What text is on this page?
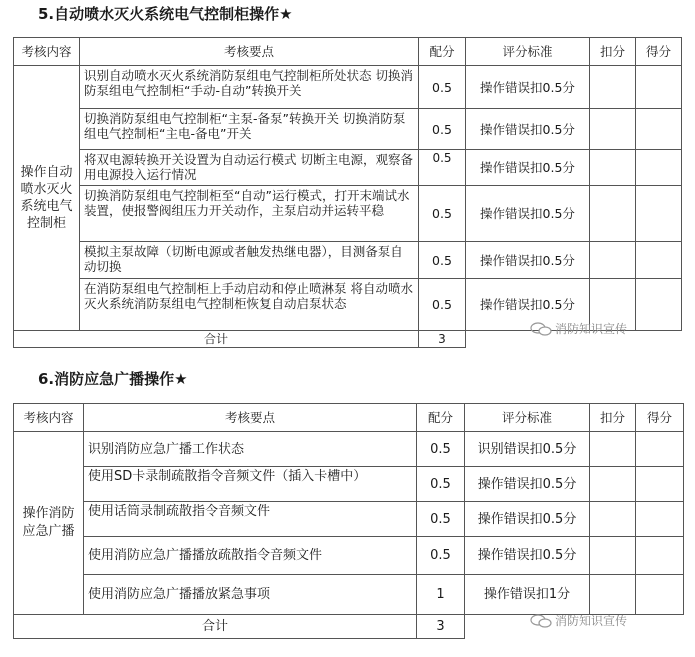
5.自动喷水灭火系统电气控制柜操作★
考核内容	考核要点	配分	评分标准	扣分	得分
操作自动喷水灭火系统电气控制柜	识别自动喷水灭火系统消防泵组电气控制柜所处状态 切换消防泵组电气控制柜“手动-自动”转换开关	0.5	操作错误扣0.5分		
	切换消防泵组电气控制柜“主泵-备泵”转换开关 切换消防泵组电气控制柜“主电-备电”开关	0.5	操作错误扣0.5分		
	将双电源转换开关设置为自动运行模式 切断主电源，观察备用电源投入运行情况	0.5	操作错误扣0.5分		
	切换消防泵组电气控制柜至“自动”运行模式，打开末端试水装置，使报警阀组压力开关动作，主泵启动并运转平稳	0.5	操作错误扣0.5分		
	模拟主泵故障（切断电源或者触发热继电器），目测备泵自动切换	0.5	操作错误扣0.5分		
	在消防泵组电气控制柜上手动启动和停止喷淋泵 将自动喷水灭火系统消防泵组电气控制柜恢复自动启泵状态	0.5	操作错误扣0.5分		
合计		3			
消防知识宣传
6.消防应急广播操作★
考核内容	考核要点	配分	评分标准	扣分	得分
操作消防应急广播	识别消防应急广播工作状态	0.5	识别错误扣0.5分		
	使用SD卡录制疏散指令音频文件（插入卡槽中）	0.5	操作错误扣0.5分		
	使用话筒录制疏散指令音频文件	0.5	操作错误扣0.5分		
	使用消防应急广播播放疏散指令音频文件	0.5	操作错误扣0.5分		
	使用消防应急广播播放紧急事项	1	操作错误扣1分		
合计		3				消防知识宣传
